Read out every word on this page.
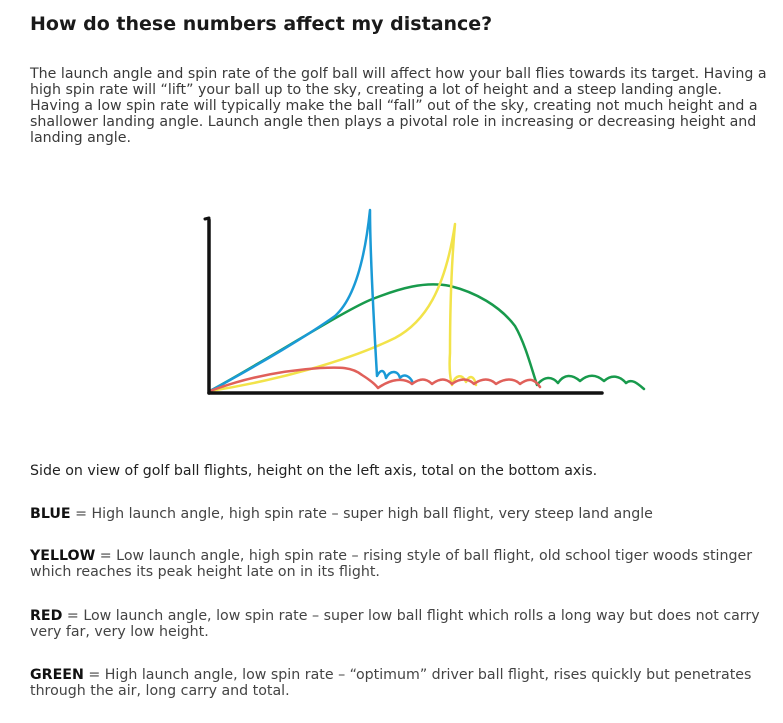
How do these numbers affect my distance?

The launch angle and spin rate of the golf ball will affect how your ball flies towards its target. Having a high spin rate will “lift” your ball up to the sky, creating a lot of height and a steep landing angle. Having a low spin rate will typically make the ball “fall” out of the sky, creating not much height and a shallower landing angle. Launch angle then plays a pivotal role in increasing or decreasing height and landing angle.

Side on view of golf ball flights, height on the left axis, total on the bottom axis.

BLUE = High launch angle, high spin rate – super high ball flight, very steep land angle

YELLOW = Low launch angle, high spin rate – rising style of ball flight, old school tiger woods stinger which reaches its peak height late on in its flight.

RED = Low launch angle, low spin rate – super low ball flight which rolls a long way but does not carry very far, very low height.

GREEN = High launch angle, low spin rate – “optimum” driver ball flight, rises quickly but penetrates through the air, long carry and total.
